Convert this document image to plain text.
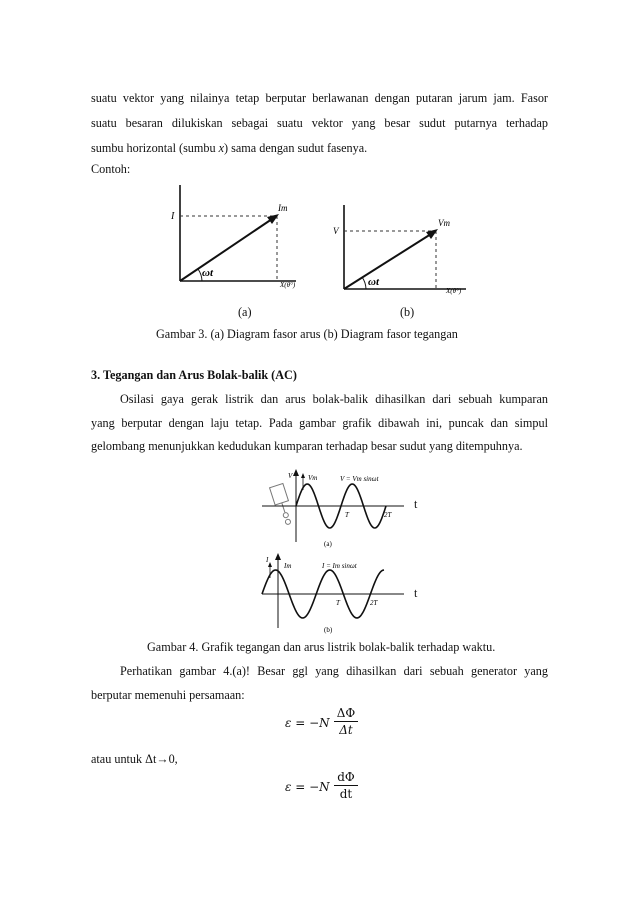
suatu vektor yang nilainya tetap berputar berlawanan dengan putaran jarum jam. Fasor

suatu besaran dilukiskan sebagai suatu vektor yang besar sudut putarnya terhadap

sumbu horizontal (sumbu x) sama dengan sudut fasenya.

Contoh:

I
Im
ωt
X(θ°)
V
Vm
ωt
X(θ°)

(a)	(b)

Gambar 3. (a) Diagram fasor arus (b) Diagram fasor tegangan

3. Tegangan dan Arus Bolak-balik (AC)

Osilasi gaya gerak listrik dan arus bolak-balik dihasilkan dari sebuah kumparan

yang berputar dengan laju tetap. Pada gambar grafik dibawah ini, puncak dan simpul

gelombang menunjukkan kedudukan kumparan terhadap besar sudut yang ditempuhnya.

V Vm	V = Vm sinωt
T	2T
(a)

t

I
Im	I = Im sinωt
T	2T
(b)

t

Gambar 4. Grafik tegangan dan arus listrik bolak-balik terhadap waktu.

Perhatikan gambar 4.(a)! Besar ggl yang dihasilkan dari sebuah generator yang

berputar memenuhi persamaan:

$\varepsilon = -N \frac{\Delta\Phi}{\Delta t}$

atau untuk Δt→0,

$\varepsilon = -N \frac{d\Phi}{dt}$
